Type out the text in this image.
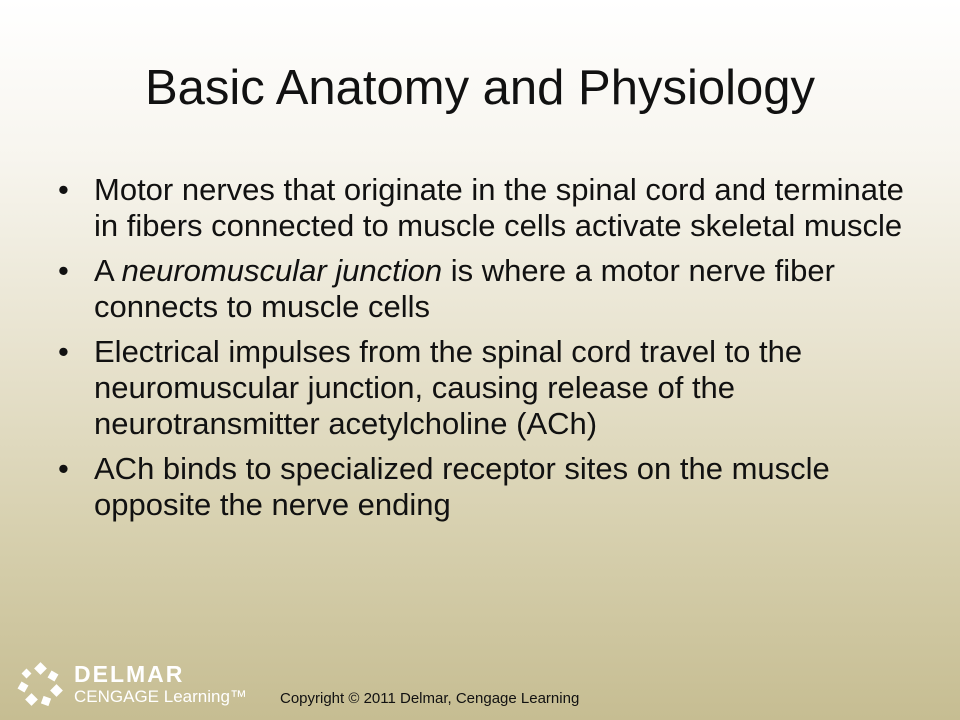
Basic Anatomy and Physiology
• Motor nerves that originate in the spinal cord and terminate in fibers connected to muscle cells activate skeletal muscle
• A neuromuscular junction is where a motor nerve fiber connects to muscle cells
• Electrical impulses from the spinal cord travel to the neuromuscular junction, causing release of the neurotransmitter acetylcholine (ACh)
• ACh binds to specialized receptor sites on the muscle opposite the nerve ending
DELMAR
CENGAGE Learning™ Copyright © 2011 Delmar, Cengage Learning
